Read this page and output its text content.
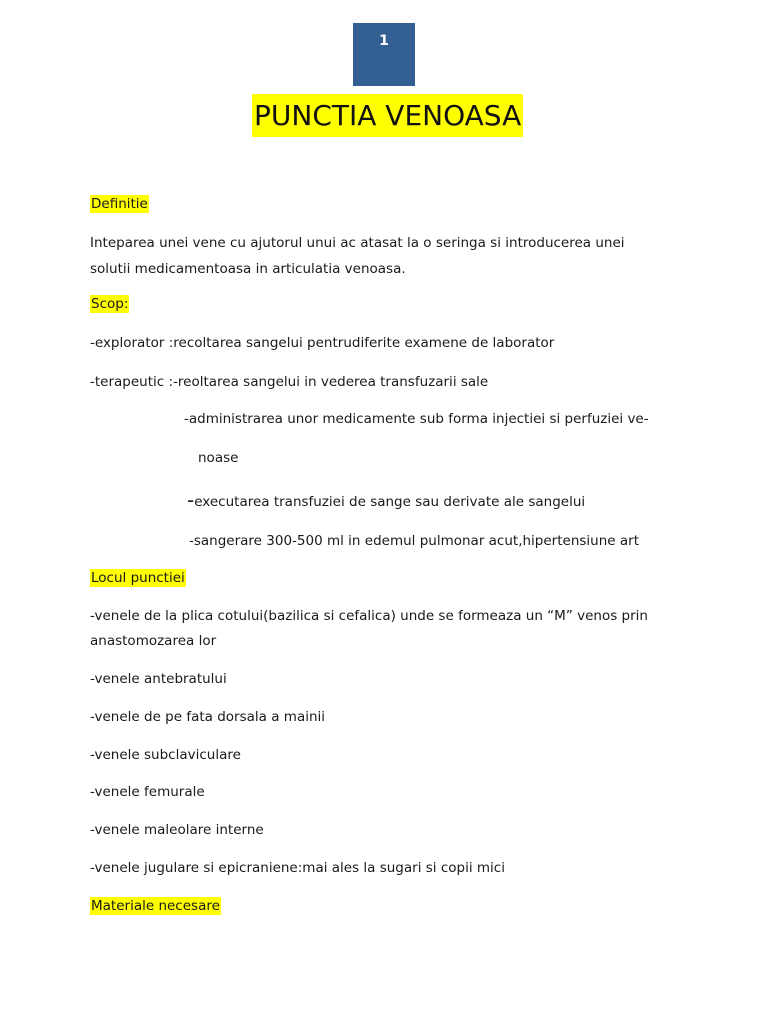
1
PUNCTIA VENOASA
Definitie
Inteparea unei vene cu ajutorul unui ac atasat la o seringa si introducerea unei
solutii medicamentoasa in articulatia venoasa.
Scop:
-explorator :recoltarea sangelui pentrudiferite examene de laborator
-terapeutic :-reoltarea sangelui in vederea transfuzarii sale
-administrarea unor medicamente sub forma injectiei si perfuziei ve-
noase
-executarea transfuziei de sange sau derivate ale sangelui
-sangerare 300-500 ml in edemul pulmonar acut,hipertensiune art
Locul punctiei
-venele de la plica cotului(bazilica si cefalica) unde se formeaza un “M” venos prin
anastomozarea lor
-venele antebratului
-venele de pe fata dorsala a mainii
-venele subclaviculare
-venele femurale
-venele maleolare interne
-venele jugulare si epicraniene:mai ales la sugari si copii mici
Materiale necesare
